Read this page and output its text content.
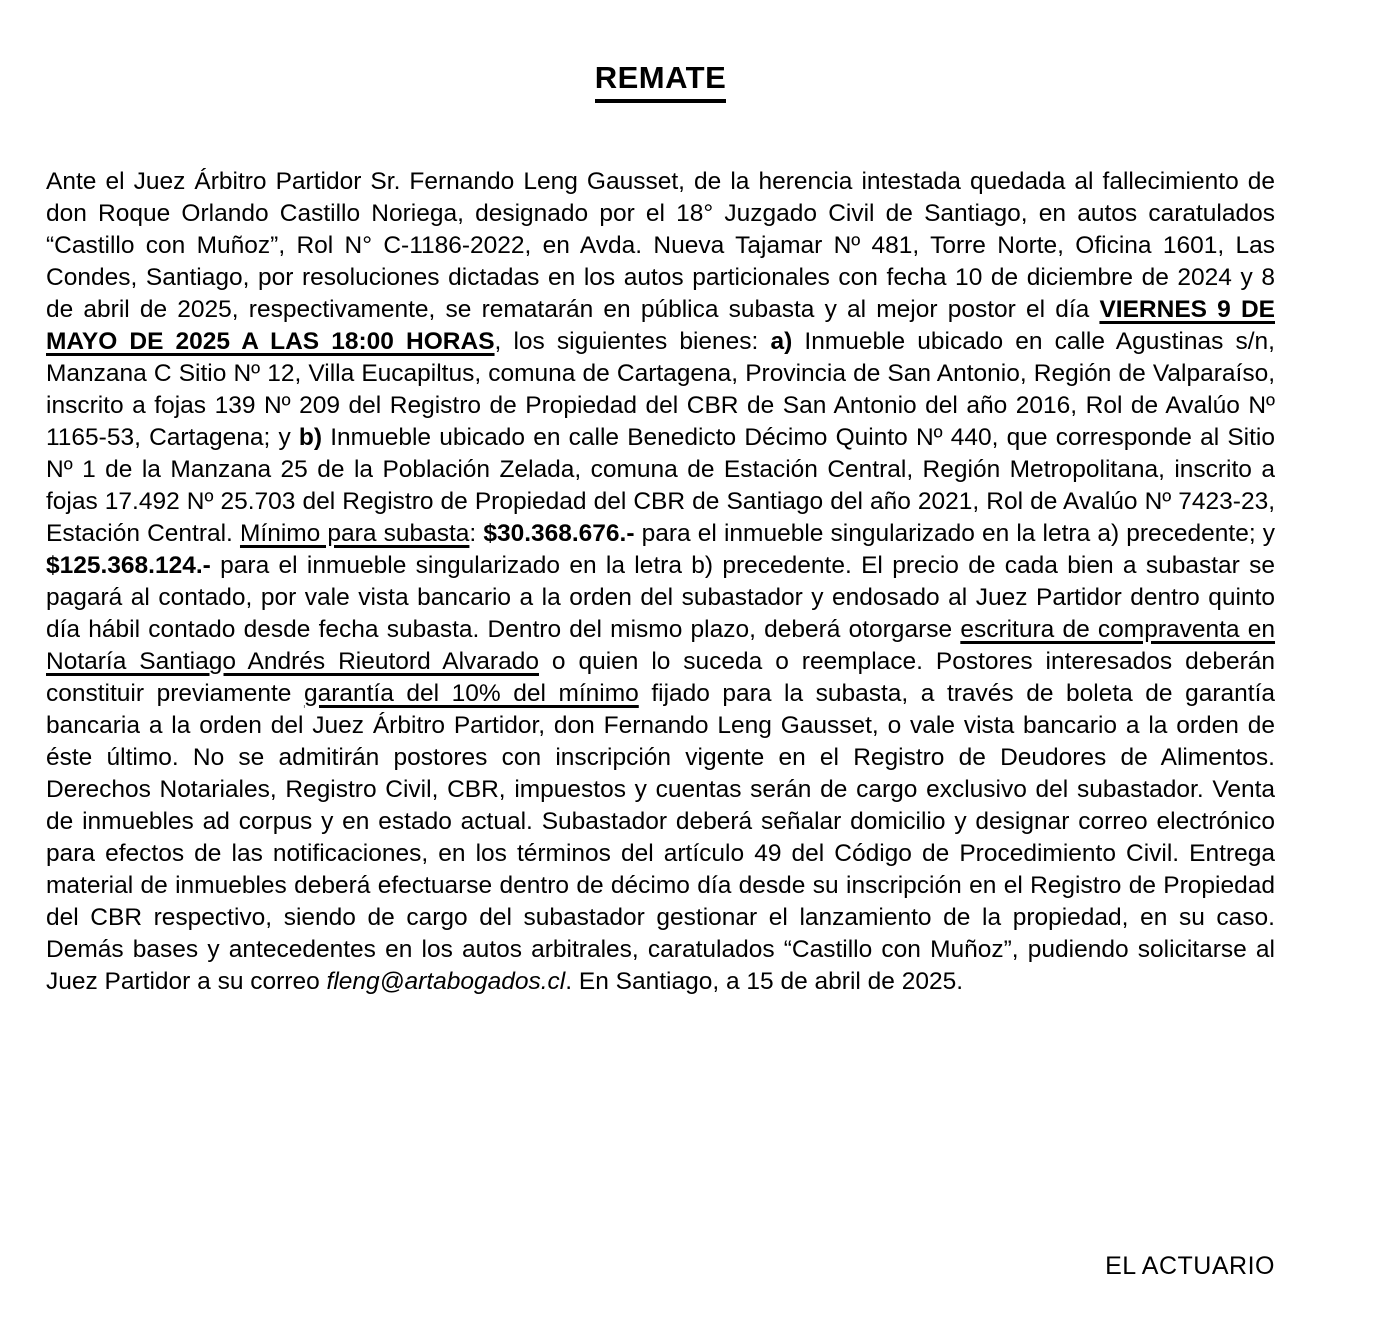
REMATE
Ante el Juez Árbitro Partidor Sr. Fernando Leng Gausset, de la herencia intestada quedada al fallecimiento de don Roque Orlando Castillo Noriega, designado por el 18° Juzgado Civil de Santiago, en autos caratulados “Castillo con Muñoz”, Rol N° C-1186-2022, en Avda. Nueva Tajamar Nº 481, Torre Norte, Oficina 1601, Las Condes, Santiago, por resoluciones dictadas en los autos particionales con fecha 10 de diciembre de 2024 y 8 de abril de 2025, respectivamente, se rematarán en pública subasta y al mejor postor el día VIERNES 9 DE MAYO DE 2025 A LAS 18:00 HORAS, los siguientes bienes: a) Inmueble ubicado en calle Agustinas s/n, Manzana C Sitio Nº 12, Villa Eucapiltus, comuna de Cartagena, Provincia de San Antonio, Región de Valparaíso, inscrito a fojas 139 Nº 209 del Registro de Propiedad del CBR de San Antonio del año 2016, Rol de Avalúo Nº 1165-53, Cartagena; y b) Inmueble ubicado en calle Benedicto Décimo Quinto Nº 440, que corresponde al Sitio Nº 1 de la Manzana 25 de la Población Zelada, comuna de Estación Central, Región Metropolitana, inscrito a fojas 17.492 Nº 25.703 del Registro de Propiedad del CBR de Santiago del año 2021, Rol de Avalúo Nº 7423-23, Estación Central. Mínimo para subasta: $30.368.676.- para el inmueble singularizado en la letra a) precedente; y $125.368.124.- para el inmueble singularizado en la letra b) precedente. El precio de cada bien a subastar se pagará al contado, por vale vista bancario a la orden del subastador y endosado al Juez Partidor dentro quinto día hábil contado desde fecha subasta. Dentro del mismo plazo, deberá otorgarse escritura de compraventa en Notaría Santiago Andrés Rieutord Alvarado o quien lo suceda o reemplace. Postores interesados deberán constituir previamente garantía del 10% del mínimo fijado para la subasta, a través de boleta de garantía bancaria a la orden del Juez Árbitro Partidor, don Fernando Leng Gausset, o vale vista bancario a la orden de éste último. No se admitirán postores con inscripción vigente en el Registro de Deudores de Alimentos. Derechos Notariales, Registro Civil, CBR, impuestos y cuentas serán de cargo exclusivo del subastador. Venta de inmuebles ad corpus y en estado actual. Subastador deberá señalar domicilio y designar correo electrónico para efectos de las notificaciones, en los términos del artículo 49 del Código de Procedimiento Civil. Entrega material de inmuebles deberá efectuarse dentro de décimo día desde su inscripción en el Registro de Propiedad del CBR respectivo, siendo de cargo del subastador gestionar el lanzamiento de la propiedad, en su caso. Demás bases y antecedentes en los autos arbitrales, caratulados “Castillo con Muñoz”, pudiendo solicitarse al Juez Partidor a su correo fleng@artabogados.cl. En Santiago, a 15 de abril de 2025.
EL ACTUARIO
